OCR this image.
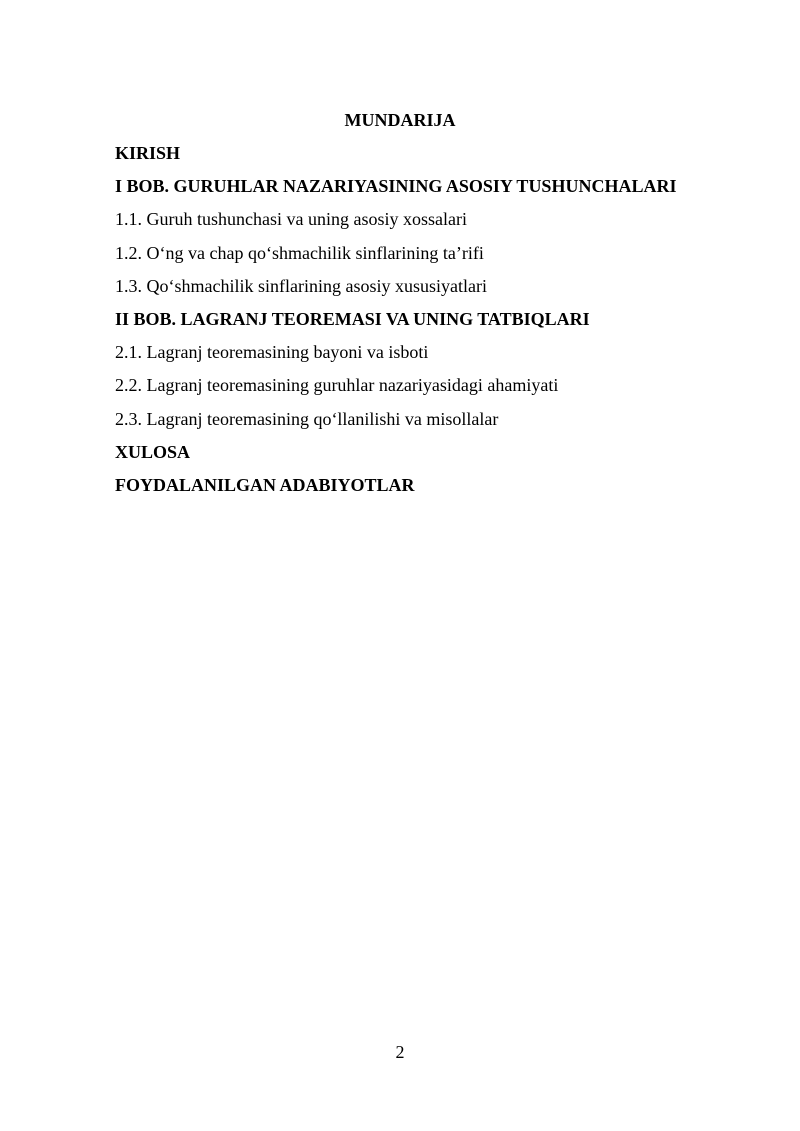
MUNDARIJA
KIRISH
I BOB. GURUHLAR NAZARIYASINING ASOSIY TUSHUNCHALARI
1.1. Guruh tushunchasi va uning asosiy xossalari
1.2. O‘ng va chap qo‘shmachilik sinflarining ta’rifi
1.3. Qo‘shmachilik sinflarining asosiy xususiyatlari
II BOB. LAGRANJ TEOREMASI VA UNING TATBIQLARI
2.1. Lagranj teoremasining bayoni va isboti
2.2. Lagranj teoremasining guruhlar nazariyasidagi ahamiyati
2.3. Lagranj teoremasining qo‘llanilishi va misollalar
XULOSA
FOYDALANILGAN ADABIYOTLAR

2
